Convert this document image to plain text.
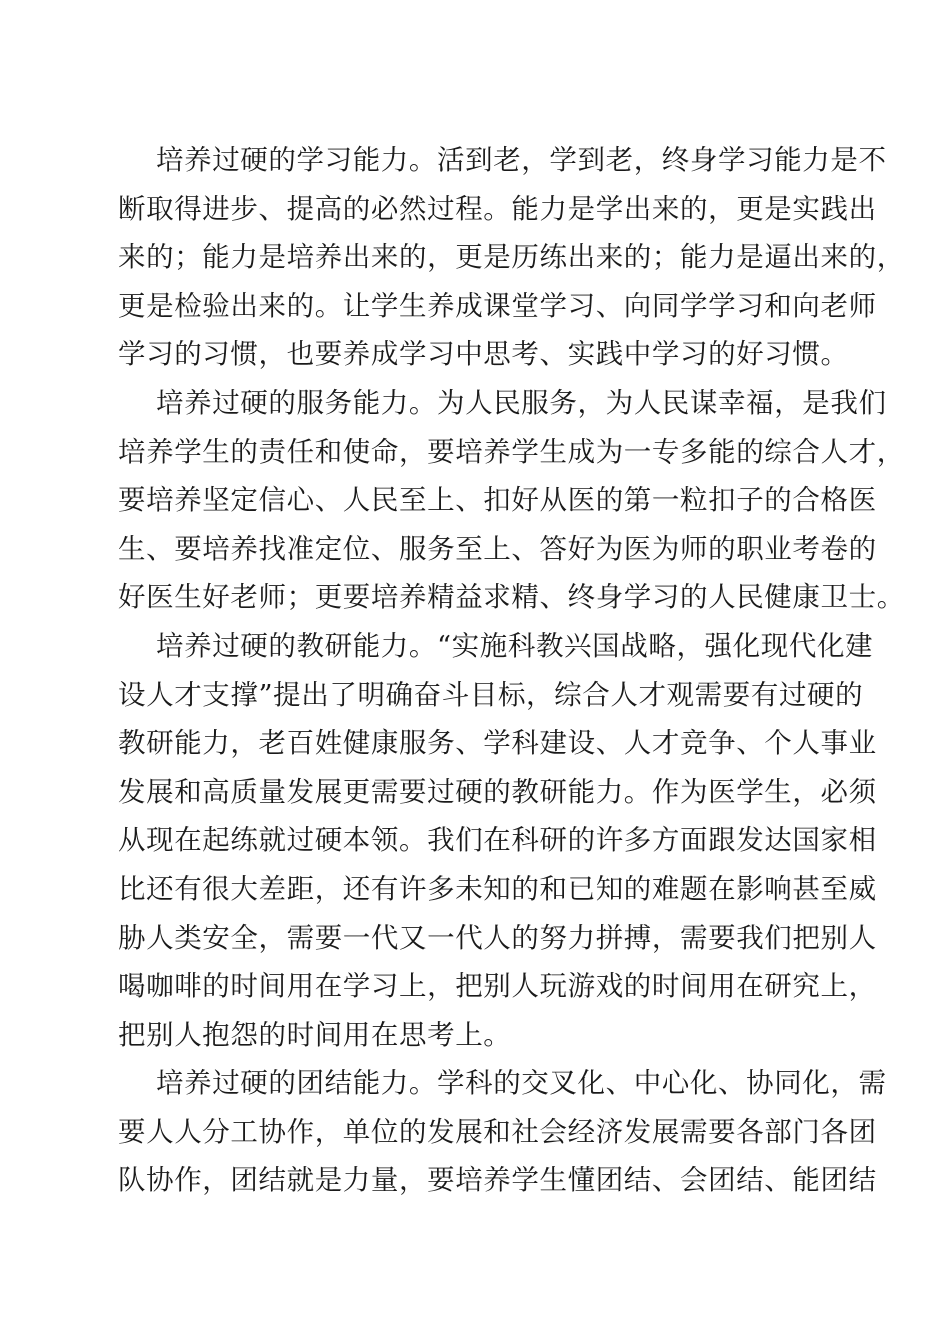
培养过硬的学习能力。活到老，学到老，终身学习能力是不
断取得进步、提高的必然过程。能力是学出来的，更是实践出
来的；能力是培养出来的，更是历练出来的；能力是逼出来的，
更是检验出来的。让学生养成课堂学习、向同学学习和向老师
学习的习惯，也要养成学习中思考、实践中学习的好习惯。
培养过硬的服务能力。为人民服务，为人民谋幸福，是我们
培养学生的责任和使命，要培养学生成为一专多能的综合人才，
要培养坚定信心、人民至上、扣好从医的第一粒扣子的合格医
生、要培养找准定位、服务至上、答好为医为师的职业考卷的
好医生好老师；更要培养精益求精、终身学习的人民健康卫士。
培养过硬的教研能力。“实施科教兴国战略，强化现代化建
设人才支撑”提出了明确奋斗目标，综合人才观需要有过硬的
教研能力，老百姓健康服务、学科建设、人才竞争、个人事业
发展和高质量发展更需要过硬的教研能力。作为医学生，必须
从现在起练就过硬本领。我们在科研的许多方面跟发达国家相
比还有很大差距，还有许多未知的和已知的难题在影响甚至威
胁人类安全，需要一代又一代人的努力拼搏，需要我们把别人
喝咖啡的时间用在学习上，把别人玩游戏的时间用在研究上，
把别人抱怨的时间用在思考上。
培养过硬的团结能力。学科的交叉化、中心化、协同化，需
要人人分工协作，单位的发展和社会经济发展需要各部门各团
队协作，团结就是力量，要培养学生懂团结、会团结、能团结
